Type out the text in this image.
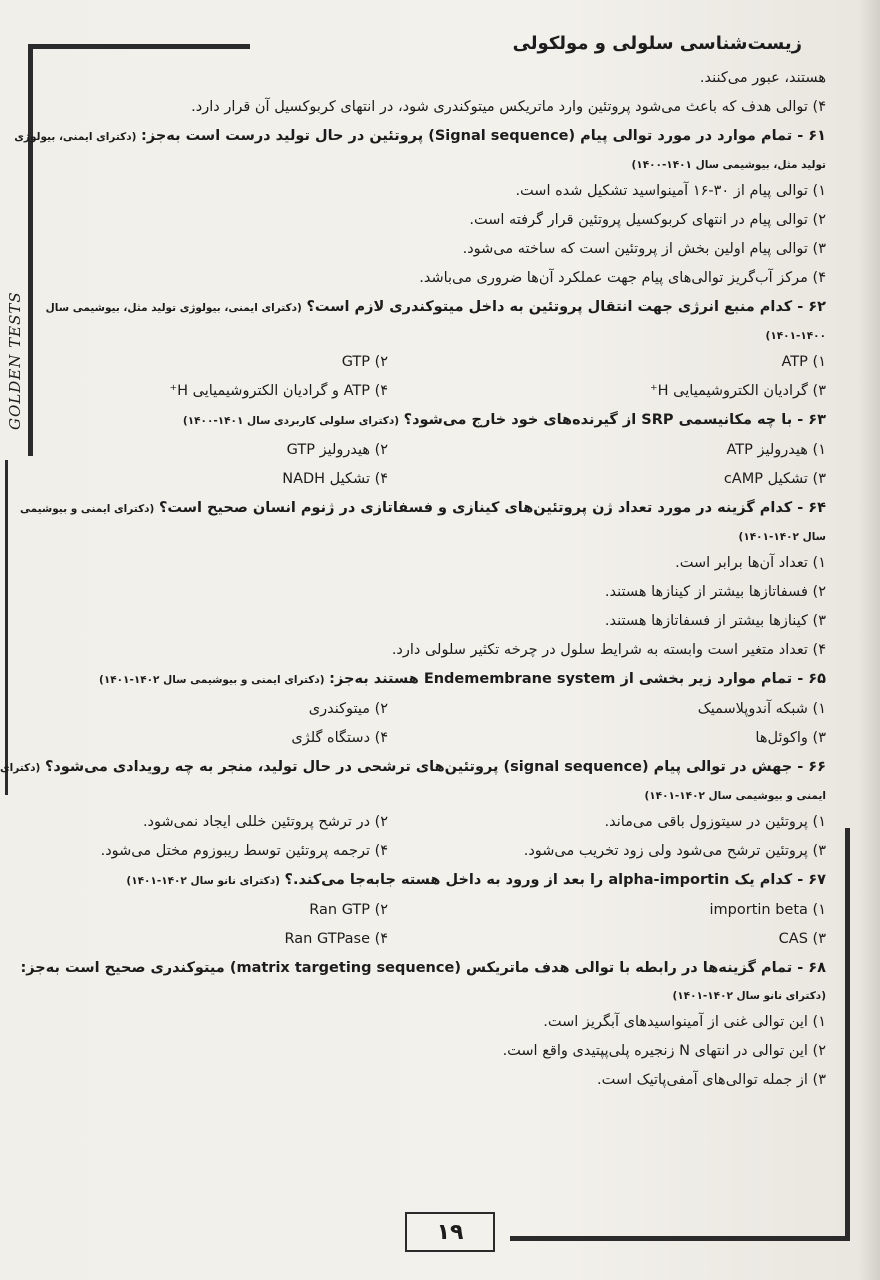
زیست‌شناسی سلولی و مولکولی
GOLDEN TESTS
هستند، عبور می‌کنند.
۴) توالی هدف که باعث می‌شود پروتئین وارد ماتریکس میتوکندری شود، در انتهای کربوکسیل آن قرار دارد.
۶۱ - تمام موارد در مورد توالی پیام (Signal sequence) پروتئین در حال تولید درست است به‌جز: (دکترای ایمنی، بیولوژی
تولید مثل، بیوشیمی سال ۱۴۰۱-۱۴۰۰)
۱) توالی پیام از ۳۰-۱۶ آمینواسید تشکیل شده است.
۲) توالی پیام در انتهای کربوکسیل پروتئین قرار گرفته است.
۳) توالی پیام اولین بخش از پروتئین است که ساخته می‌شود.
۴) مرکز آب‌گریز توالی‌های پیام جهت عملکرد آن‌ها ضروری می‌باشد.
۶۲ - کدام منبع انرژی جهت انتقال پروتئین به داخل میتوکندری لازم است؟ (دکترای ایمنی، بیولوژی تولید مثل، بیوشیمی سال
۱۴۰۱-۱۴۰۰)
۱) ATP
۲) GTP
۳) گرادیان الکتروشیمیایی H⁺
۴) ATP و گرادیان الکتروشیمیایی H⁺
۶۳ - با چه مکانیسمی SRP از گیرنده‌های خود خارج می‌شود؟ (دکترای سلولی کاربردی سال ۱۴۰۱-۱۴۰۰)
۱) هیدرولیز ATP
۲) هیدرولیز GTP
۳) تشکیل cAMP
۴) تشکیل NADH
۶۴ - کدام گزینه در مورد تعداد ژن پروتئین‌های کینازی و فسفاتازی در ژنوم انسان صحیح است؟ (دکترای ایمنی و بیوشیمی
سال ۱۴۰۲-۱۴۰۱)
۱) تعداد آن‌ها برابر است.
۲) فسفاتازها بیشتر از کینازها هستند.
۳) کینازها بیشتر از فسفاتازها هستند.
۴) تعداد متغیر است وابسته به شرایط سلول در چرخه تکثیر سلولی دارد.
۶۵ - تمام موارد زیر بخشی از Endemembrane system هستند به‌جز: (دکترای ایمنی و بیوشیمی سال ۱۴۰۲-۱۴۰۱)
۱) شبکه آندوپلاسمیک
۲) میتوکندری
۳) واکوئل‌ها
۴) دستگاه گلژی
۶۶ - جهش در توالی پیام (signal sequence) پروتئین‌های ترشحی در حال تولید، منجر به چه رویدادی می‌شود؟ (دکترای
ایمنی و بیوشیمی سال ۱۴۰۲-۱۴۰۱)
۱) پروتئین در سیتوزول باقی می‌ماند.
۲) در ترشح پروتئین خللی ایجاد نمی‌شود.
۳) پروتئین ترشح می‌شود ولی زود تخریب می‌شود.
۴) ترجمه پروتئین توسط ریبوزوم مختل می‌شود.
۶۷ - کدام یک alpha-importin را بعد از ورود به داخل هسته جابه‌جا می‌کند.؟ (دکترای نانو سال ۱۴۰۲-۱۴۰۱)
۱) importin beta
۲) Ran GTP
۳) CAS
۴) Ran GTPase
۶۸ - تمام گزینه‌ها در رابطه با توالی هدف ماتریکس (matrix targeting sequence) میتوکندری صحیح است به‌جز:
(دکترای نانو سال ۱۴۰۲-۱۴۰۱)
۱) این توالی غنی از آمینواسیدهای آبگریز است.
۲) این توالی در انتهای N زنجیره پلی‌پپتیدی واقع است.
۳) از جمله توالی‌های آمفی‌پاتیک است.
۱۹
